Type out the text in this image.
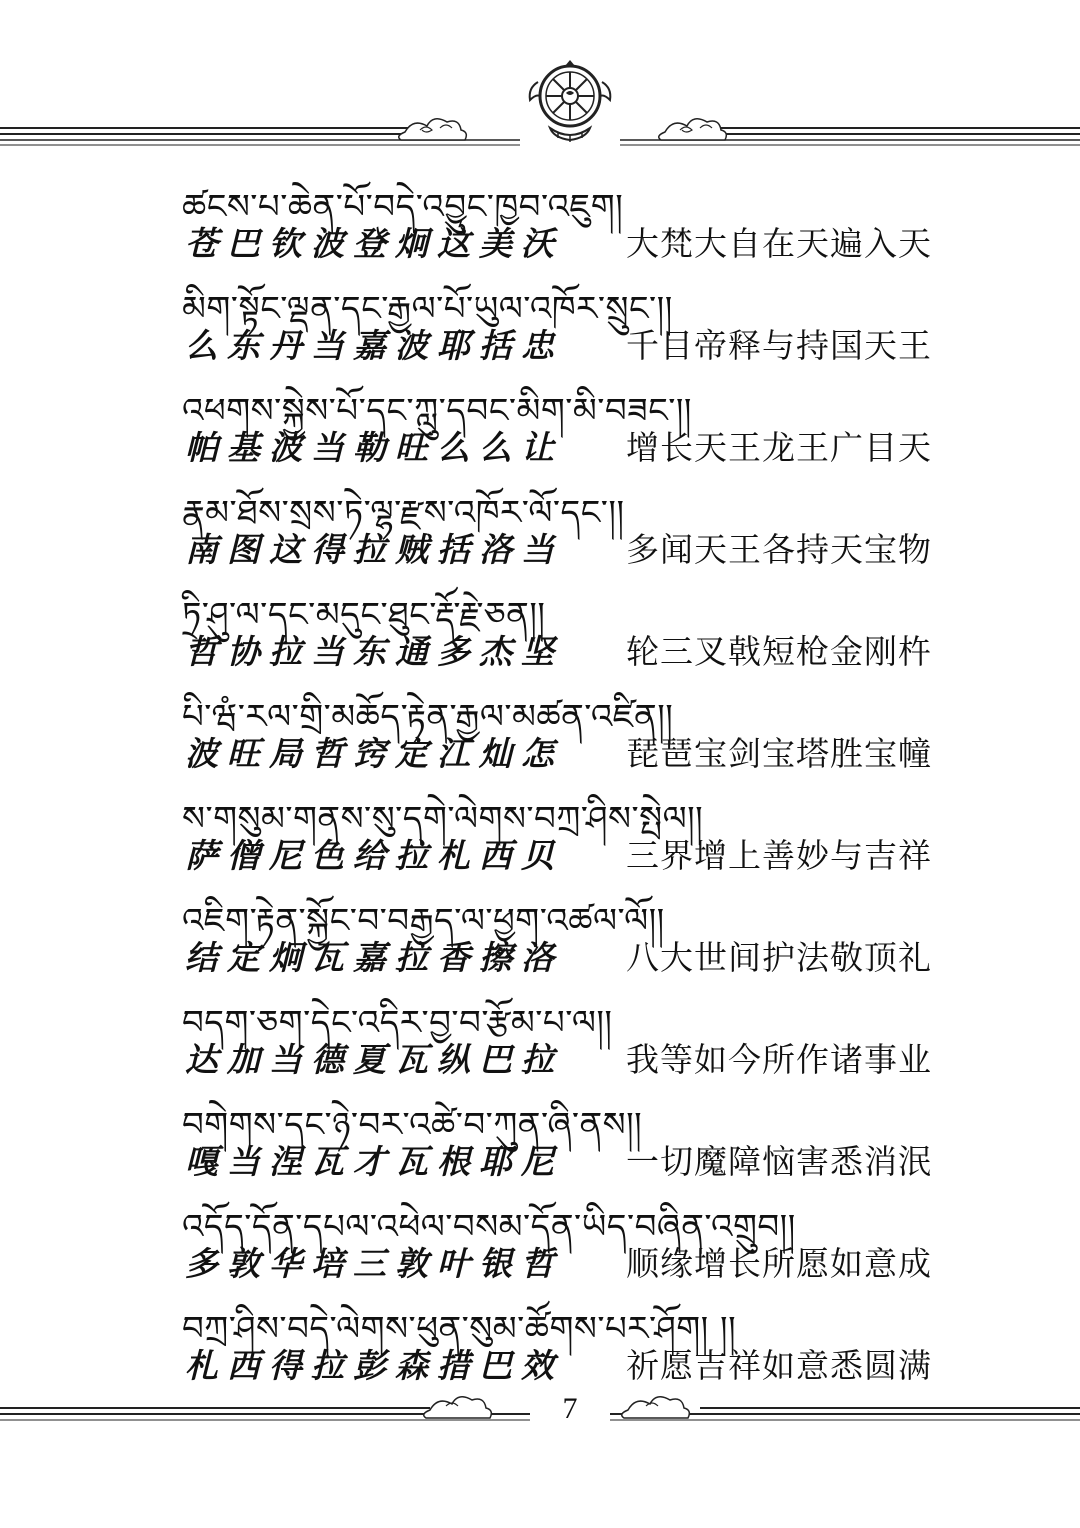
ཚངས་པ་ཆེན་པོ་བདེ་འབྱུང་ཁྱབ་འཇུག།
苍巴钦波登炯这美沃 大梵大自在天遍入天
མིག་སྟོང་ལྡན་དང་རྒྱལ་པོ་ཡུལ་འཁོར་སྲུང་།།
么东丹当嘉波耶括忠 千目帝释与持国天王
འཕགས་སྐྱེས་པོ་དང་ཀླུ་དབང་མིག་མི་བཟང་།།
帕基波当勒旺么么让 增长天王龙王广目天
རྣམ་ཐོས་སྲས་ཏེ་ལྷ་རྫས་འཁོར་ལོ་དང་།།
南图这得拉贼括洛当 多闻天王各持天宝物
ཏྲི་ཤུ་ལ་དང་མདུང་ཐུང་རྡོ་རྗེ་ཅན།།
哲协拉当东通多杰坚 轮三叉戟短枪金刚杵
པི་ཝཾ་རལ་གྲི་མཆོད་རྟེན་རྒྱལ་མཚན་འཛིན།།
波旺局哲窍定江灿怎 琵琶宝剑宝塔胜宝幢
ས་གསུམ་གནས་སུ་དགེ་ལེགས་བཀྲ་ཤིས་སྤེལ།།
萨僧尼色给拉札西贝 三界增上善妙与吉祥
འཇིག་རྟེན་སྐྱོང་བ་བརྒྱད་ལ་ཕྱག་འཚལ་ལོ།།
结定炯瓦嘉拉香擦洛 八大世间护法敬顶礼
བདག་ཅག་དེང་འདིར་བྱ་བ་རྩོམ་པ་ལ།།
达加当德夏瓦纵巴拉 我等如今所作诸事业
བགེགས་དང་ཉེ་བར་འཚེ་བ་ཀུན་ཞི་ནས།།
嘎当涅瓦才瓦根耶尼 一切魔障恼害悉消泯
འདོད་དོན་དཔལ་འཕེལ་བསམ་དོན་ཡིད་བཞིན་འགྲུབ།།
多敦华培三敦叶银哲 顺缘增长所愿如意成
བཀྲ་ཤིས་བདེ་ལེགས་ཕུན་སུམ་ཚོགས་པར་ཤོག། །།
札西得拉彭森措巴效 祈愿吉祥如意悉圆满
7
